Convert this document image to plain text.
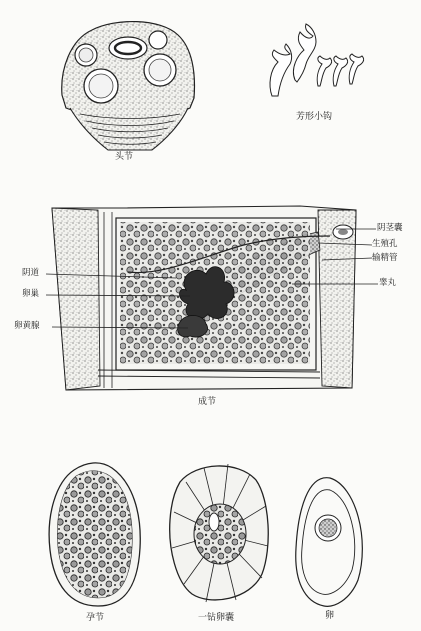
头节
芳形小钩
阴道
卵巢
卵黄腺
阴茎囊
生殖孔
输精管
睾丸
成节
孕节	一钻卵囊	卵
